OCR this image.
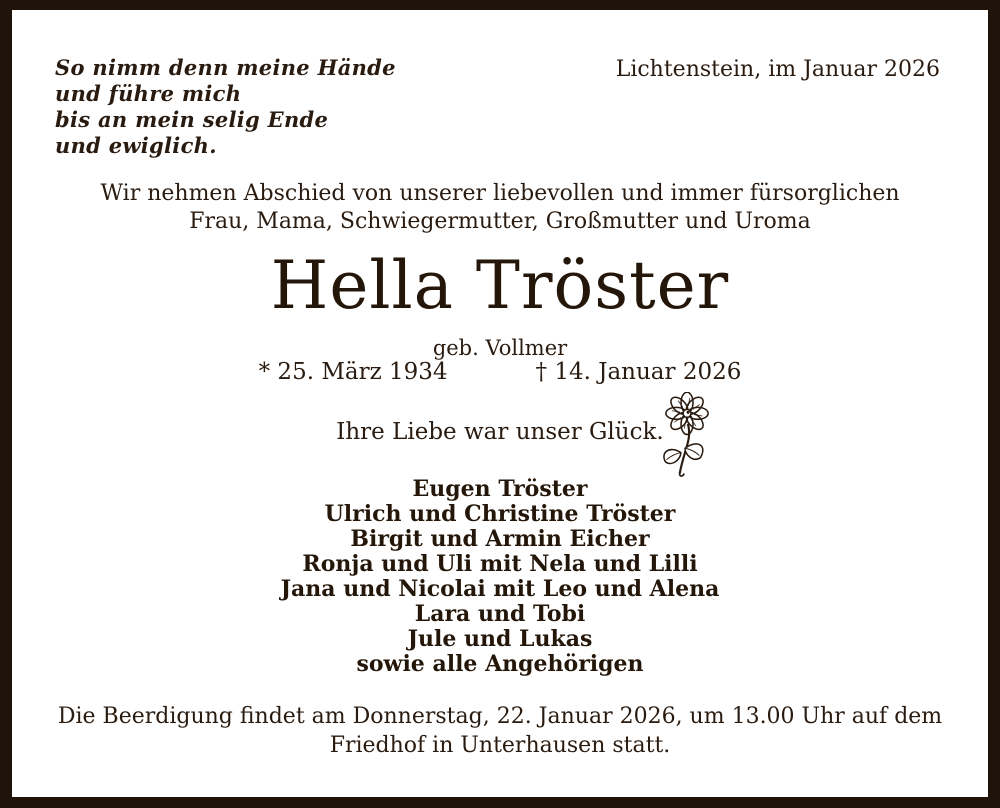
So nimm denn meine Hände
und führe mich
bis an mein selig Ende
und ewiglich.
Lichtenstein, im Januar 2026
Wir nehmen Abschied von unserer liebevollen und immer fürsorglichen
Frau, Mama, Schwiegermutter, Großmutter und Uroma
Hella Tröster
geb. Vollmer
* 25. März 1934	† 14. Januar 2026
Ihre Liebe war unser Glück.
Eugen Tröster
Ulrich und Christine Tröster
Birgit und Armin Eicher
Ronja und Uli mit Nela und Lilli
Jana und Nicolai mit Leo und Alena
Lara und Tobi
Jule und Lukas
sowie alle Angehörigen
Die Beerdigung findet am Donnerstag, 22. Januar 2026, um 13.00 Uhr auf dem
Friedhof in Unterhausen statt.
